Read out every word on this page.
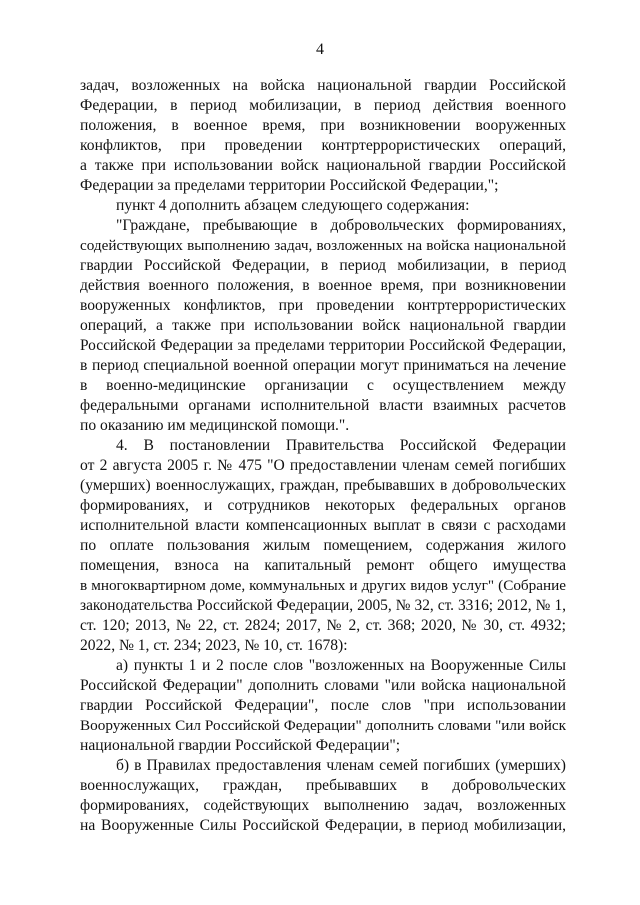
4
задач, возложенных на войска национальной гвардии Российской
Федерации, в период мобилизации, в период действия военного
положения, в военное время, при возникновении вооруженных
конфликтов, при проведении контртеррористических операций,
а также при использовании войск национальной гвардии Российской
Федерации за пределами территории Российской Федерации,";
пункт 4 дополнить абзацем следующего содержания:
"Граждане, пребывающие в добровольческих формированиях,
содействующих выполнению задач, возложенных на войска национальной
гвардии Российской Федерации, в период мобилизации, в период
действия военного положения, в военное время, при возникновении
вооруженных конфликтов, при проведении контртеррористических
операций, а также при использовании войск национальной гвардии
Российской Федерации за пределами территории Российской Федерации,
в период специальной военной операции могут приниматься на лечение
в военно-медицинские организации с осуществлением между
федеральными органами исполнительной власти взаимных расчетов
по оказанию им медицинской помощи.".
4. В постановлении Правительства Российской Федерации
от 2 августа 2005 г. № 475 "О предоставлении членам семей погибших
(умерших) военнослужащих, граждан, пребывавших в добровольческих
формированиях, и сотрудников некоторых федеральных органов
исполнительной власти компенсационных выплат в связи с расходами
по оплате пользования жилым помещением, содержания жилого
помещения, взноса на капитальный ремонт общего имущества
в многоквартирном доме, коммунальных и других видов услуг" (Собрание
законодательства Российской Федерации, 2005, № 32, ст. 3316; 2012, № 1,
ст. 120; 2013, № 22, ст. 2824; 2017, № 2, ст. 368; 2020, № 30, ст. 4932;
2022, № 1, ст. 234; 2023, № 10, ст. 1678):
а) пункты 1 и 2 после слов "возложенных на Вооруженные Силы
Российской Федерации" дополнить словами "или войска национальной
гвардии Российской Федерации", после слов "при использовании
Вооруженных Сил Российской Федерации" дополнить словами "или войск
национальной гвардии Российской Федерации";
б) в Правилах предоставления членам семей погибших (умерших)
военнослужащих, граждан, пребывавших в добровольческих
формированиях, содействующих выполнению задач, возложенных
на Вооруженные Силы Российской Федерации, в период мобилизации,
